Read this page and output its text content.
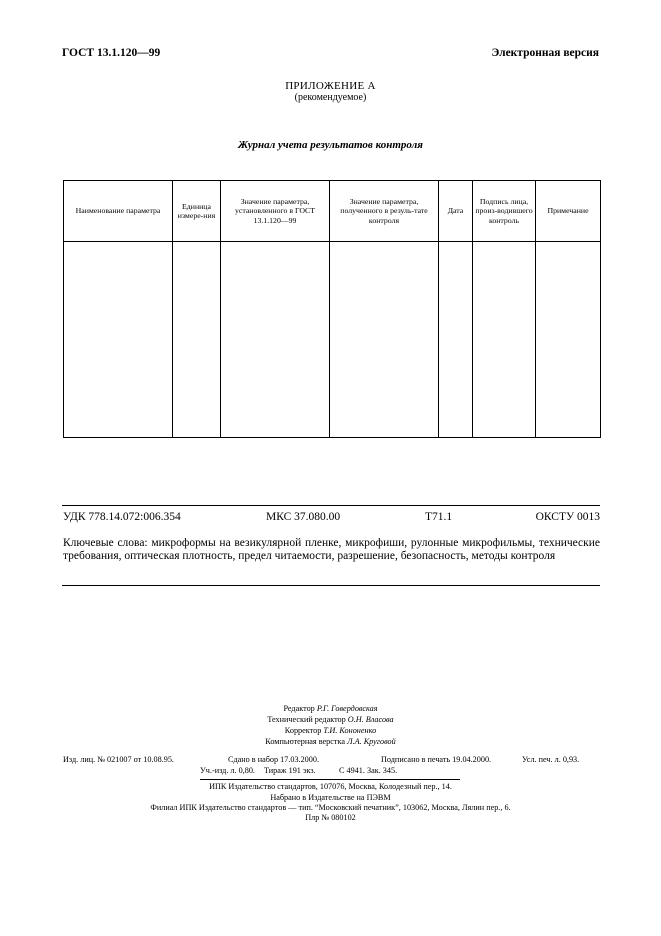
ГОСТ 13.1.120—99	Электронная версия
ПРИЛОЖЕНИЕ А
(рекомендуемое)
Журнал учета результатов контроля
Наименование параметра	Единица измере-ния	Значение параметра, установленного в ГОСТ 13.1.120—99	Значение параметра, полученного в резуль-тате контроля	Дата	Подпись лица, произ-водившего контроль	Примечание

УДК 778.14.072:006.354	МКС 37.080.00	Т71.1	ОКСТУ 0013
Ключевые слова: микроформы на везикулярной пленке, микрофиши, рулонные микрофильмы, технические требования, оптическая плотность, предел читаемости, разрешение, безопасность, методы контроля
Редактор Р.Г. Говердовская
Технический редактор О.Н. Власова
Корректор Т.И. Кононенко
Компьютерная верстка Л.А. Круговой
Изд. лиц. № 021007 от 10.08.95.	Сдано в набор 17.03.2000.	Подписано в печать 19.04.2000.	Усл. печ. л. 0,93.
Уч.-изд. л. 0,80. Тираж 191 экз.	С 4941. Зак. 345.
ИПК Издательство стандартов, 107076, Москва, Колодезный пер., 14.
Набрано в Издательстве на ПЭВМ
Филиал ИПК Издательство стандартов — тип. “Московский печатник”, 103062, Москва, Лялин пер., 6.
Плр № 080102
